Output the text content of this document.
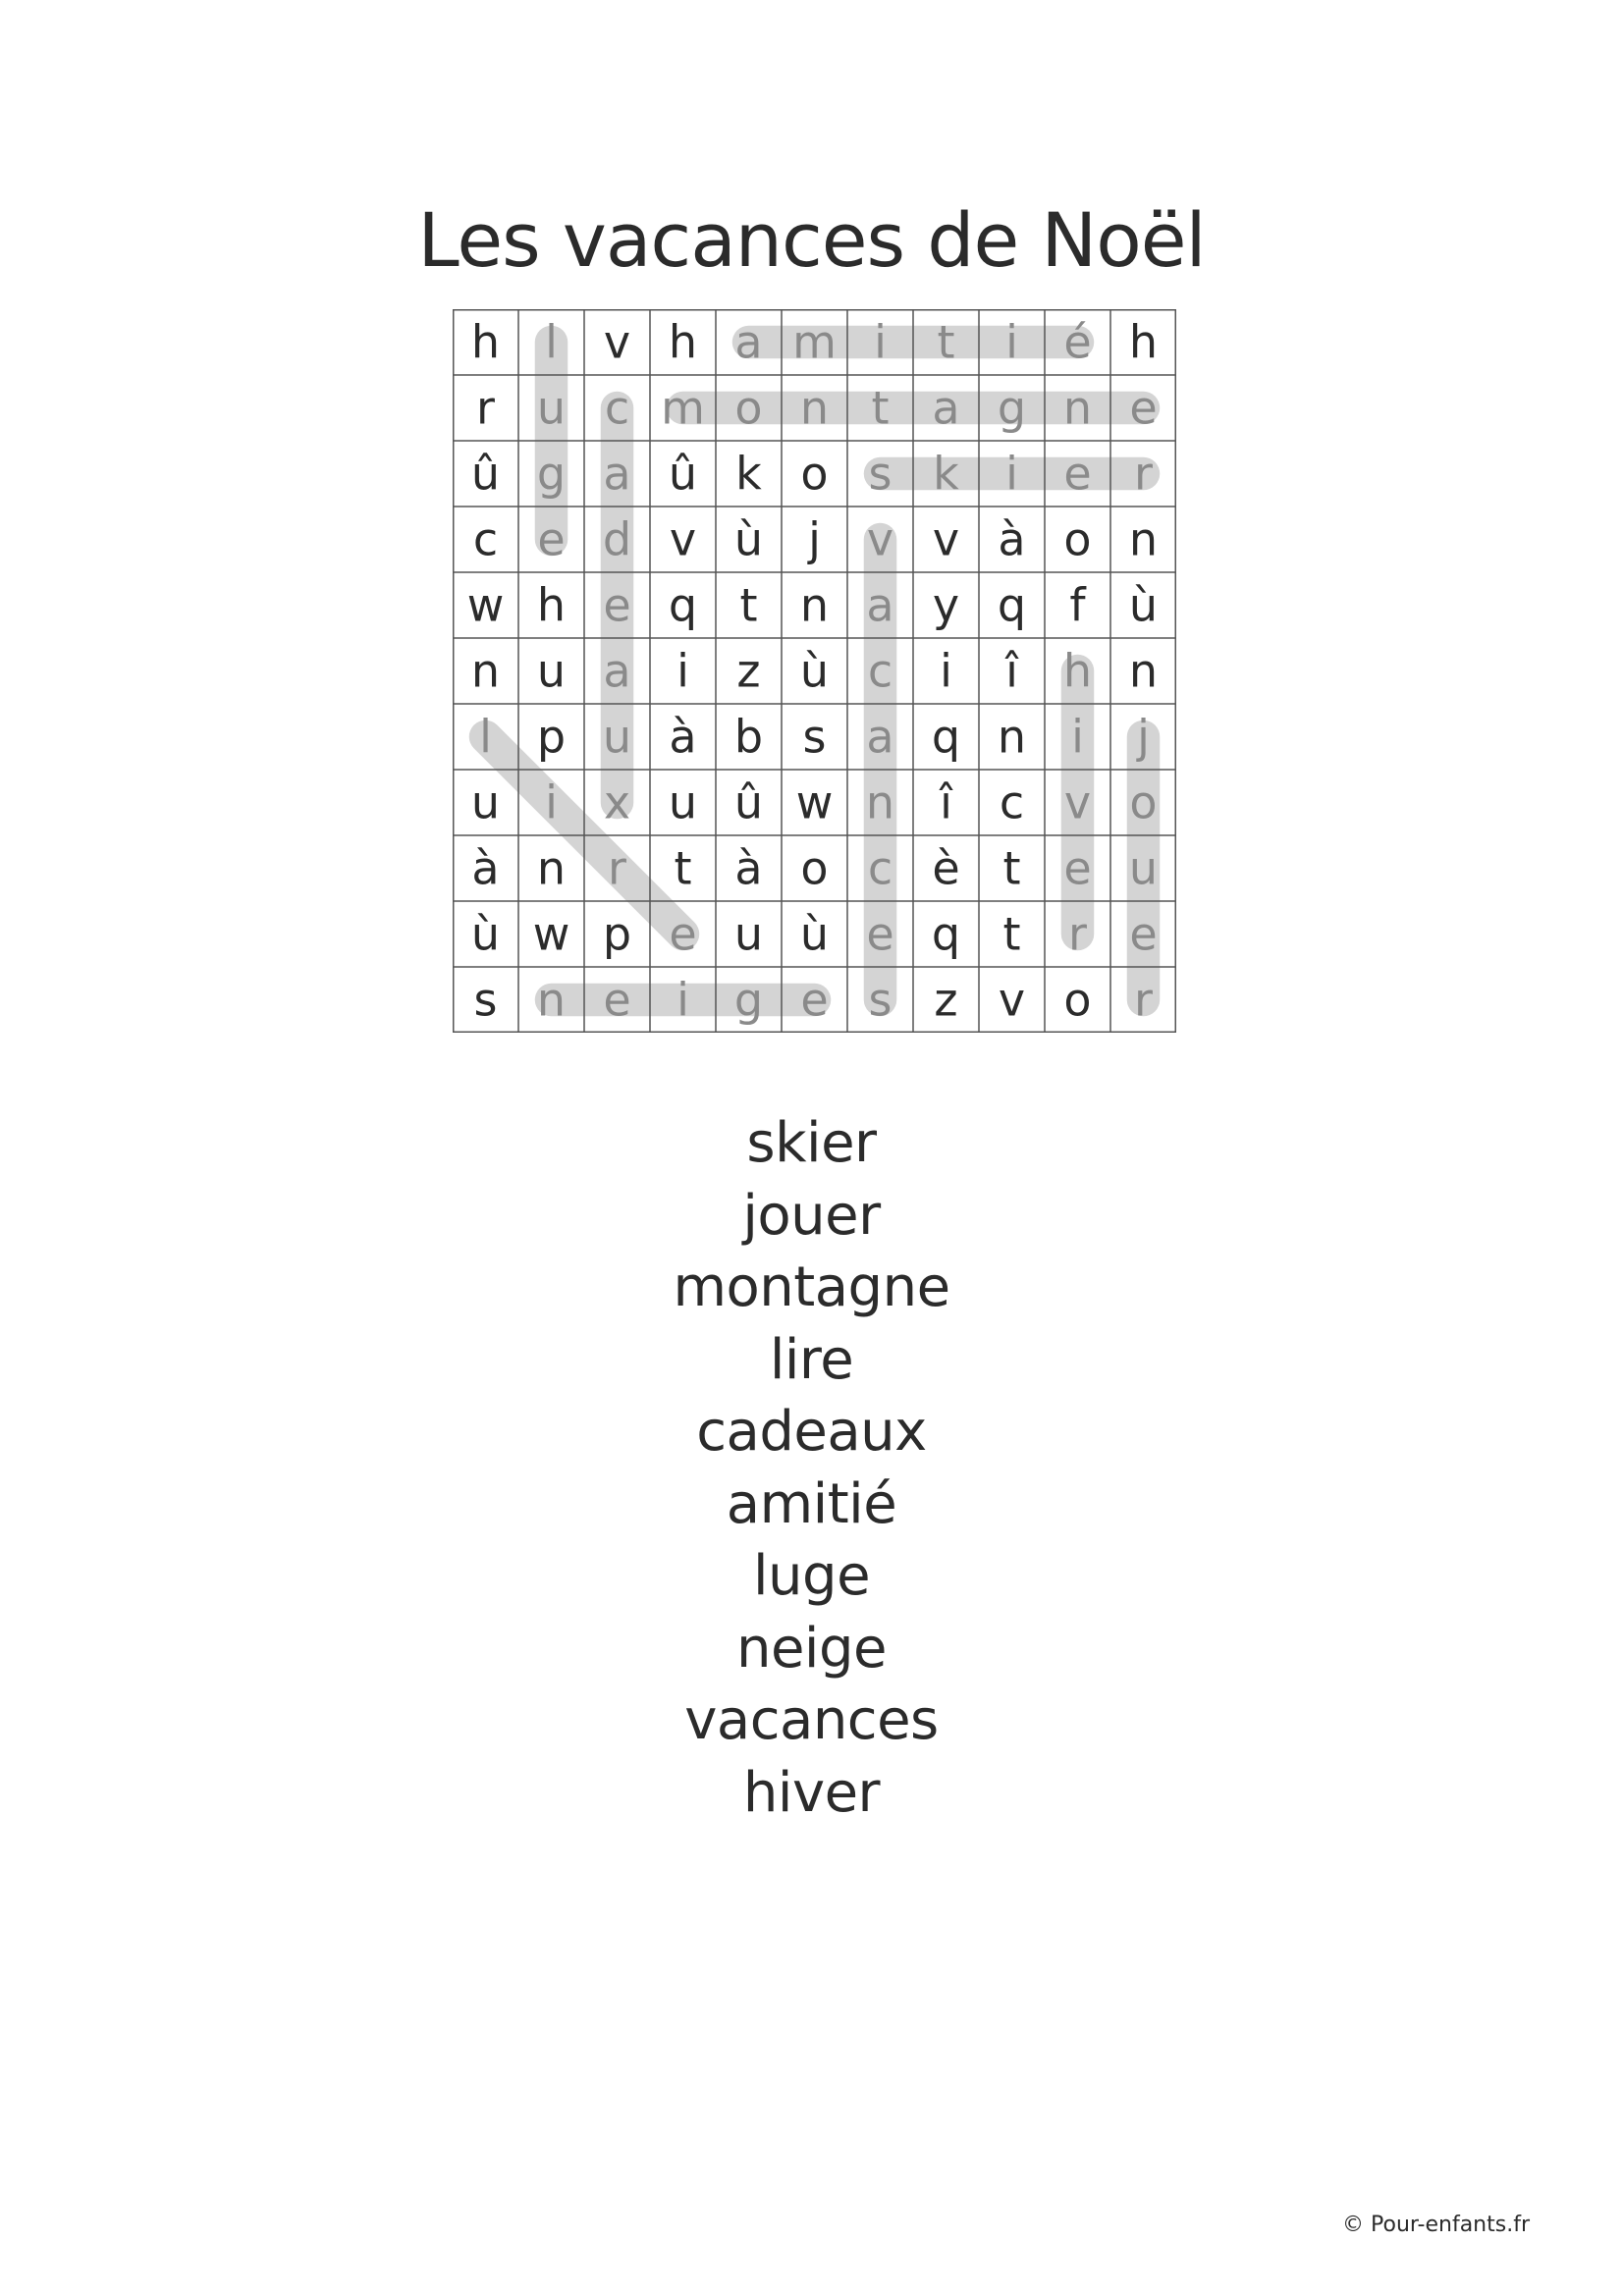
Les vacances de Noël
h l v h a m i t i é h
r u c m o n t a g n e
û g a û k o s k i e r
c e d v ù j v v à o n
w h e q t n a y q f ù
n u a i z ù c i î h n
l p u à b s a q n i j
u i x u û w n î c v o
à n r t à o c è t e u
ù w p e u ù e q t r e
s n e i g e s z v o r
skier
jouer
montagne
lire
cadeaux
amitié
luge
neige
vacances
hiver
© Pour-enfants.fr
